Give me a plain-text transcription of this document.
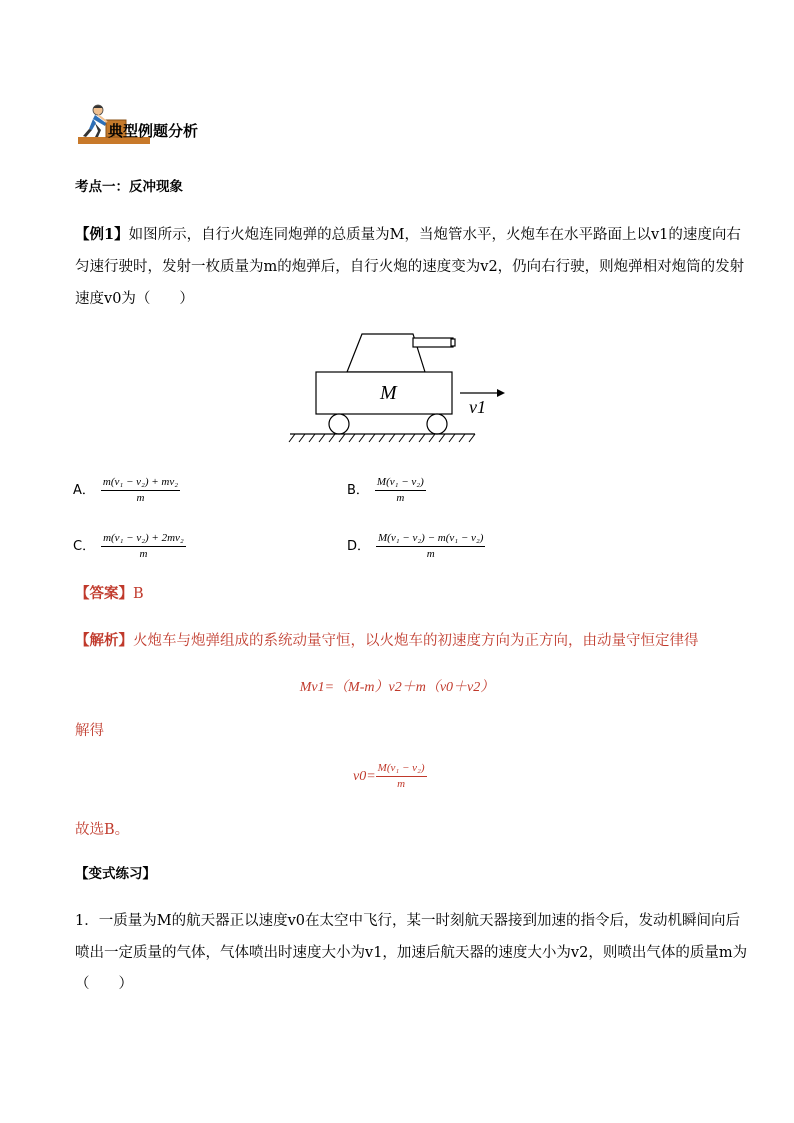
典型例题分析
考点一：反冲现象
【例1】如图所示，自行火炮连同炮弹的总质量为M，当炮管水平，火炮车在水平路面上以v1的速度向右
匀速行驶时，发射一枚质量为m的炮弹后，自行火炮的速度变为v2，仍向右行驶，则炮弹相对炮筒的发射
速度v0为（　　）
M
v1
A． $\frac{\text{m(v₁ − v₂) + mv₂}}{m}$	B． $\frac{\text{M(v₁ − v₂)}}{m}$
C． $\frac{\text{m(v₁ − v₂) + 2mv₂}}{m}$	D． $\frac{\text{M(v₁ − v₂) − m(v₁ − v₂)}}{m}$
【答案】B
【解析】火炮车与炮弹组成的系统动量守恒，以火炮车的初速度方向为正方向，由动量守恒定律得
Mv1=（M-m）v2＋m（v0＋v2）
解得
$v0= \frac{\text{M(v₁ − v₂)}}{m}$
故选B。
【变式练习】
1．一质量为M的航天器正以速度v0在太空中飞行，某一时刻航天器接到加速的指令后，发动机瞬间向后
喷出一定质量的气体，气体喷出时速度大小为v1，加速后航天器的速度大小为v2，则喷出气体的质量m为
（　　）
